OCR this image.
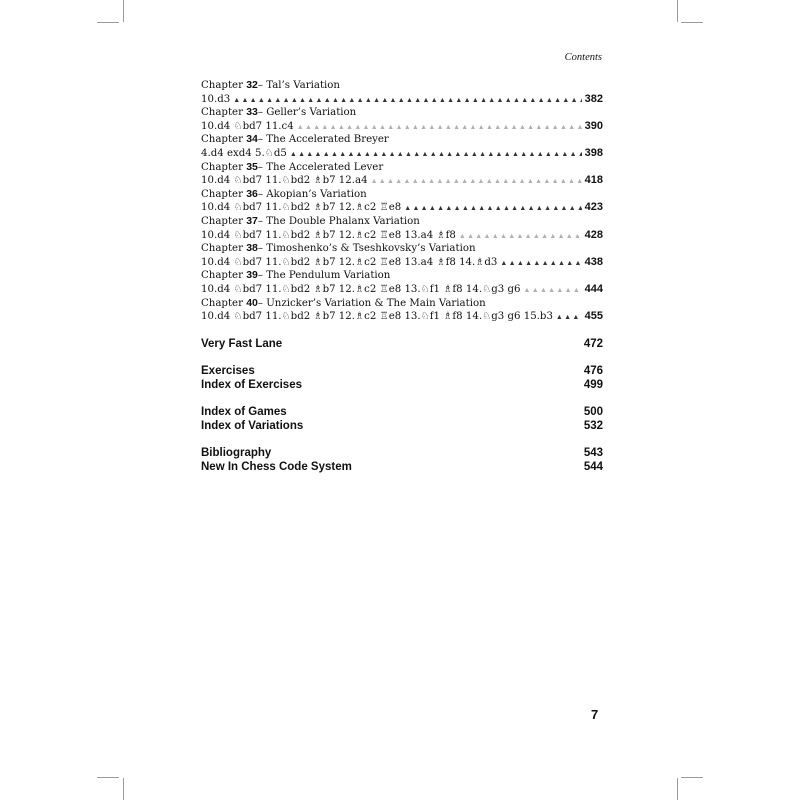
Contents
Chapter 32– Tal’s Variation
10.d3 ▲▲▲▲▲▲▲▲▲▲▲▲▲▲▲▲▲▲▲▲▲▲▲▲▲▲▲▲▲▲▲▲▲▲▲▲▲▲▲▲▲▲▲▲▲▲▲▲▲▲▲▲▲▲▲▲▲▲▲▲▲▲▲▲▲▲▲▲▲▲	382
Chapter 33– Geller’s Variation
10.d4 ♘bd7 11.c4 ▲▲▲▲▲▲▲▲▲▲▲▲▲▲▲▲▲▲▲▲▲▲▲▲▲▲▲▲▲▲▲▲▲▲▲▲▲▲▲▲▲▲▲▲▲▲▲▲▲▲▲▲▲▲▲▲▲▲▲▲▲▲▲▲▲▲▲▲▲▲	390
Chapter 34– The Accelerated Breyer
4.d4 exd4 5.♘d5 ▲▲▲▲▲▲▲▲▲▲▲▲▲▲▲▲▲▲▲▲▲▲▲▲▲▲▲▲▲▲▲▲▲▲▲▲▲▲▲▲▲▲▲▲▲▲▲▲▲▲▲▲▲▲▲▲▲▲▲▲▲▲▲▲▲▲▲▲▲▲	398
Chapter 35– The Accelerated Lever
10.d4 ♘bd7 11.♘bd2 ♗b7 12.a4 ▲▲▲▲▲▲▲▲▲▲▲▲▲▲▲▲▲▲▲▲▲▲▲▲▲▲▲▲▲▲▲▲▲▲▲▲▲▲▲▲▲▲▲▲▲▲▲▲▲▲▲▲▲▲▲▲▲▲▲▲▲▲▲▲▲▲▲▲▲▲	418
Chapter 36– Akopian’s Variation
10.d4 ♘bd7 11.♘bd2 ♗b7 12.♗c2 ♖e8 ▲▲▲▲▲▲▲▲▲▲▲▲▲▲▲▲▲▲▲▲▲▲▲▲▲▲▲▲▲▲▲▲▲▲▲▲▲▲▲▲▲▲▲▲▲▲▲▲▲▲▲▲▲▲▲▲▲▲▲▲▲▲▲▲▲▲▲▲▲▲	423
Chapter 37– The Double Phalanx Variation
10.d4 ♘bd7 11.♘bd2 ♗b7 12.♗c2 ♖e8 13.a4 ♗f8 ▲▲▲▲▲▲▲▲▲▲▲▲▲▲▲▲▲▲▲▲▲▲▲▲▲▲▲▲▲▲▲▲▲▲▲▲▲▲▲▲▲▲▲▲▲▲▲▲▲▲▲▲▲▲▲▲▲▲▲▲▲▲▲▲▲▲▲▲▲▲	428
Chapter 38– Timoshenko’s & Tseshkovsky’s Variation
10.d4 ♘bd7 11.♘bd2 ♗b7 12.♗c2 ♖e8 13.a4 ♗f8 14.♗d3 ▲▲▲▲▲▲▲▲▲▲▲▲▲▲▲▲▲▲▲▲▲▲▲▲▲▲▲▲▲▲▲▲▲▲▲▲▲▲▲▲▲▲▲▲▲▲▲▲▲▲▲▲▲▲▲▲▲▲▲▲▲▲▲▲▲▲▲▲▲▲	438
Chapter 39– The Pendulum Variation
10.d4 ♘bd7 11.♘bd2 ♗b7 12.♗c2 ♖e8 13.♘f1 ♗f8 14.♘g3 g6 ▲▲▲▲▲▲▲▲▲▲▲▲▲▲▲▲▲▲▲▲▲▲▲▲▲▲▲▲▲▲▲▲▲▲▲▲▲▲▲▲▲▲▲▲▲▲▲▲▲▲▲▲▲▲▲▲▲▲▲▲▲▲▲▲▲▲▲▲▲▲	444
Chapter 40– Unzicker’s Variation & The Main Variation
10.d4 ♘bd7 11.♘bd2 ♗b7 12.♗c2 ♖e8 13.♘f1 ♗f8 14.♘g3 g6 15.b3 ▲▲▲▲▲▲▲▲▲▲▲▲▲▲▲▲▲▲▲▲▲▲▲▲▲▲▲▲▲▲▲▲▲▲▲▲▲▲▲▲▲▲▲▲▲▲▲▲▲▲▲▲▲▲▲▲▲▲▲▲▲▲▲▲▲▲▲▲▲▲	455
Very Fast Lane	472
Exercises	476
Index of Exercises	499
Index of Games	500
Index of Variations	532
Bibliography	543
New In Chess Code System	544
7
